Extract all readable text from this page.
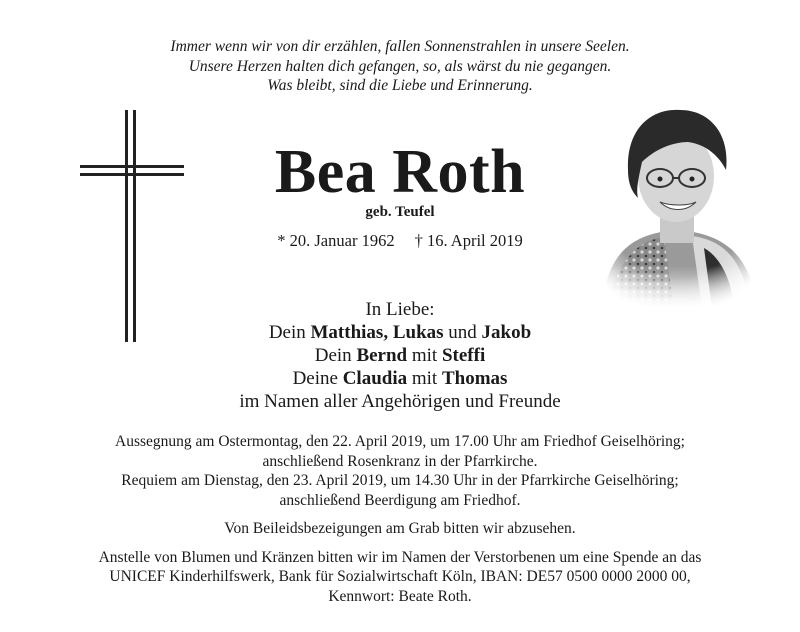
Immer wenn wir von dir erzählen, fallen Sonnenstrahlen in unsere Seelen.
Unsere Herzen halten dich gefangen, so, als wärst du nie gegangen.
Was bleibt, sind die Liebe und Erinnerung.
Bea Roth
geb. Teufel
* 20. Januar 1962 † 16. April 2019
In Liebe:
Dein Matthias, Lukas und Jakob
Dein Bernd mit Steffi
Deine Claudia mit Thomas
im Namen aller Angehörigen und Freunde
Aussegnung am Ostermontag, den 22. April 2019, um 17.00 Uhr am Friedhof Geiselhöring;
anschließend Rosenkranz in der Pfarrkirche.
Requiem am Dienstag, den 23. April 2019, um 14.30 Uhr in der Pfarrkirche Geiselhöring;
anschließend Beerdigung am Friedhof.
Von Beileidsbezeigungen am Grab bitten wir abzusehen.
Anstelle von Blumen und Kränzen bitten wir im Namen der Verstorbenen um eine Spende an das
UNICEF Kinderhilfswerk, Bank für Sozialwirtschaft Köln, IBAN: DE57 0500 0000 2000 00,
Kennwort: Beate Roth.
